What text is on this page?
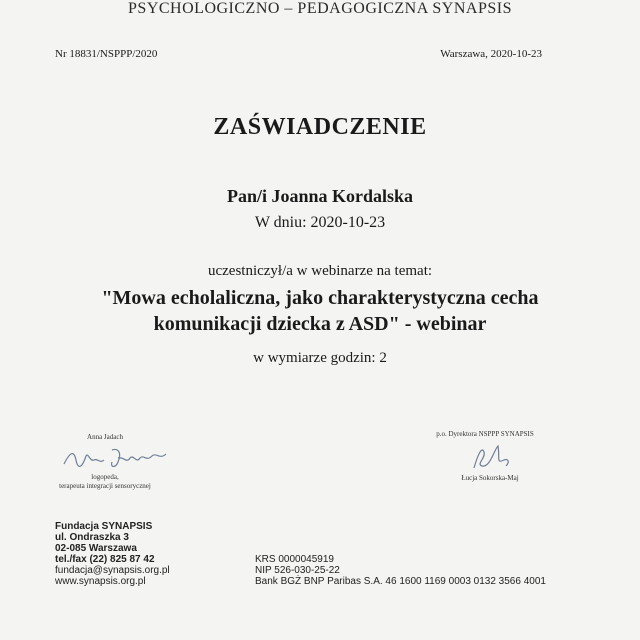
PSYCHOLOGICZNO – PEDAGOGICZNA SYNAPSIS
Nr 18831/NSPPP/2020	Warszawa, 2020-10-23
ZAŚWIADCZENIE
Pan/i Joanna Kordalska
W dniu: 2020-10-23
uczestniczył/a w webinarze na temat:
"Mowa echolaliczna, jako charakterystyczna cecha
komunikacji dziecka z ASD" - webinar
w wymiarze godzin: 2
Anna Jadach
logopeda,
terapeuta integracji sensorycznej
p.o. Dyrektora NSPPP SYNAPSIS
Łucja Sokorska-Maj
Fundacja SYNAPSIS
ul. Ondraszka 3
02-085 Warszawa
tel./fax (22) 825 87 42
fundacja@synapsis.org.pl
www.synapsis.org.pl
KRS 0000045919
NIP 526-030-25-22
Bank BGŻ BNP Paribas S.A. 46 1600 1169 0003 0132 3566 4001
